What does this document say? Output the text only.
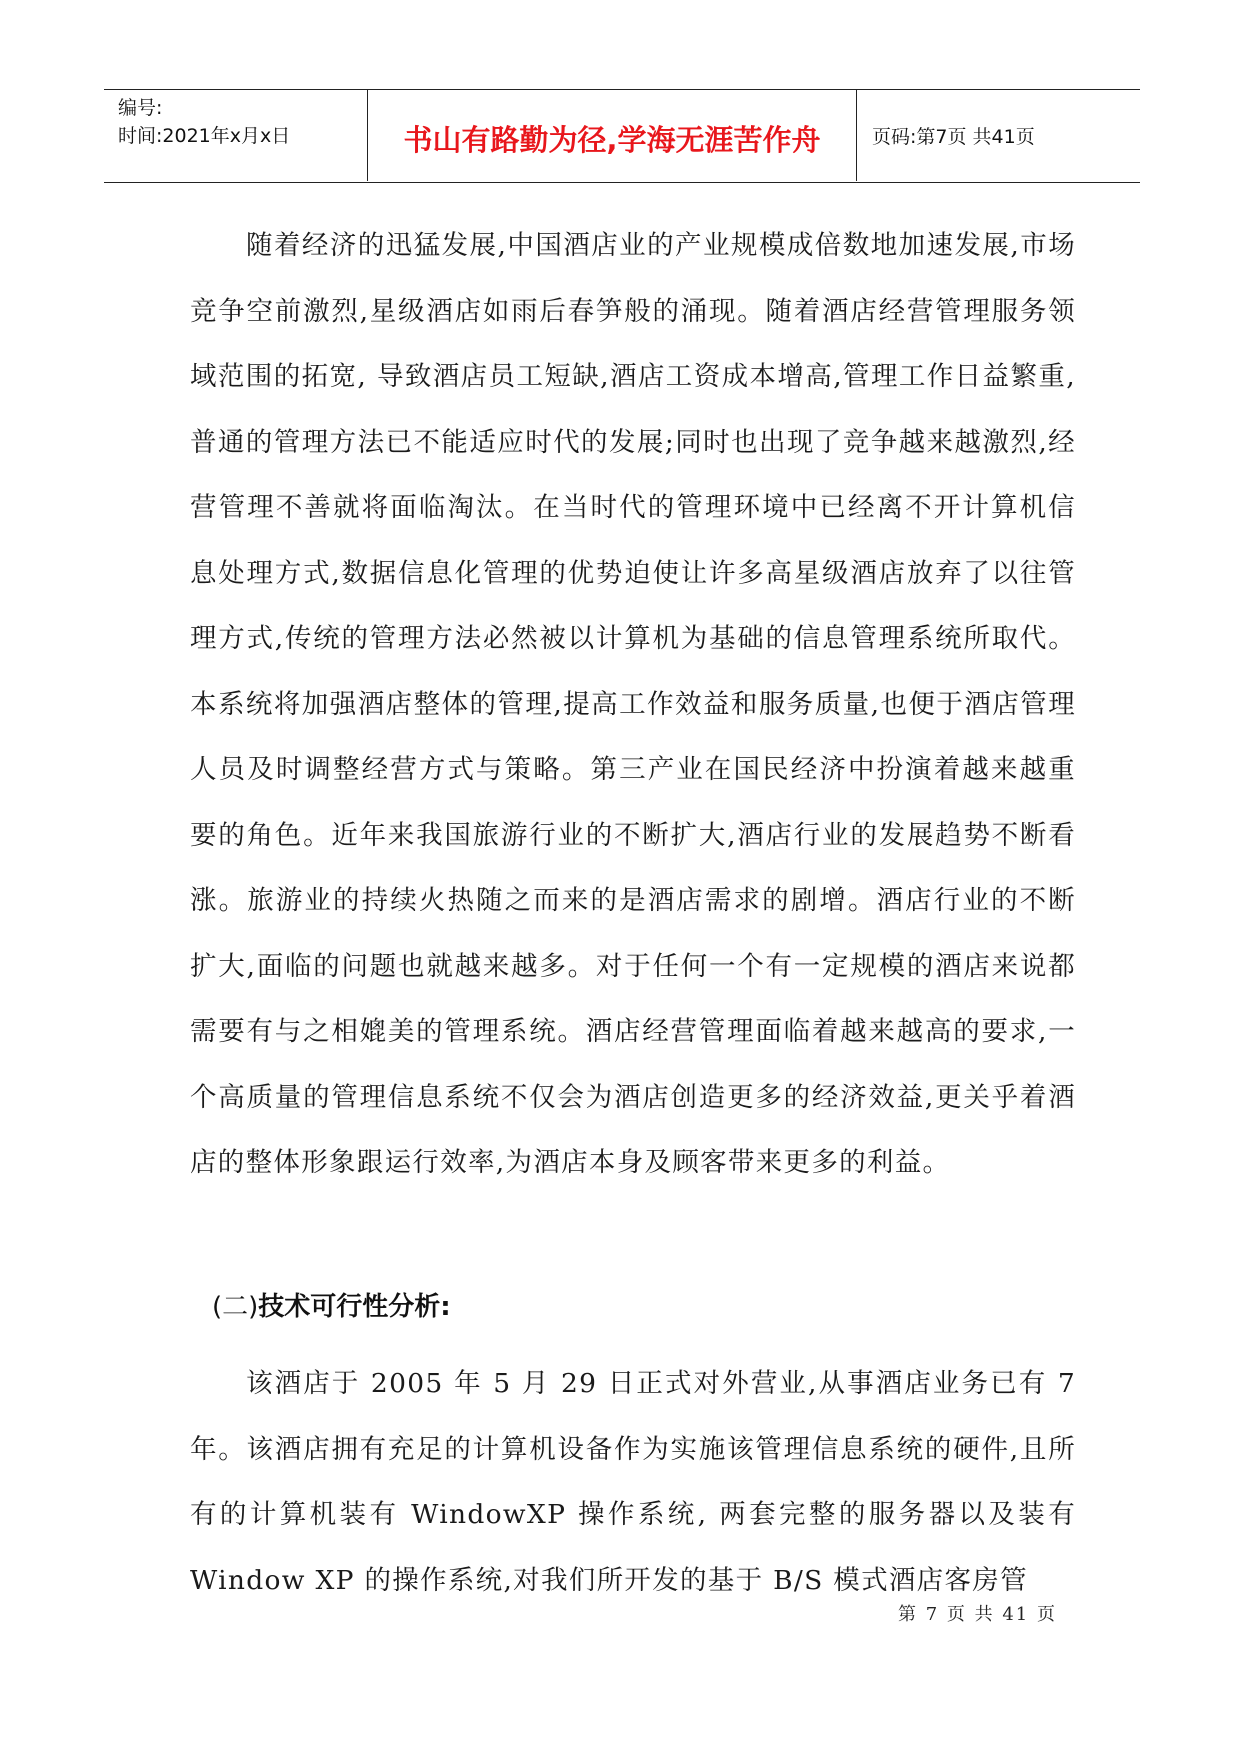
编号:
时间:2021年x月x日	书山有路勤为径,学海无涯苦作舟	页码:第7页 共41页
随着经济的迅猛发展,中国酒店业的产业规模成倍数地加速发展,市场竞争空前激烈,星级酒店如雨后春笋般的涌现。随着酒店经营管理服务领域范围的拓宽, 导致酒店员工短缺,酒店工资成本增高,管理工作日益繁重,普通的管理方法已不能适应时代的发展;同时也出现了竞争越来越激烈,经营管理不善就将面临淘汰。在当时代的管理环境中已经离不开计算机信息处理方式,数据信息化管理的优势迫使让许多高星级酒店放弃了以往管理方式,传统的管理方法必然被以计算机为基础的信息管理系统所取代。本系统将加强酒店整体的管理,提高工作效益和服务质量,也便于酒店管理人员及时调整经营方式与策略。第三产业在国民经济中扮演着越来越重要的角色。近年来我国旅游行业的不断扩大,酒店行业的发展趋势不断看涨。旅游业的持续火热随之而来的是酒店需求的剧增。酒店行业的不断扩大,面临的问题也就越来越多。对于任何一个有一定规模的酒店来说都需要有与之相媲美的管理系统。酒店经营管理面临着越来越高的要求,一个高质量的管理信息系统不仅会为酒店创造更多的经济效益,更关乎着酒店的整体形象跟运行效率,为酒店本身及顾客带来更多的利益。
(二)技术可行性分析:
该酒店于 2005 年 5 月 29 日正式对外营业,从事酒店业务已有 7 年。该酒店拥有充足的计算机设备作为实施该管理信息系统的硬件,且所有的计算机装有 WindowXP 操作系统, 两套完整的服务器以及装有 Window XP 的操作系统,对我们所开发的基于 B/S 模式酒店客房管
第 7 页 共 41 页
